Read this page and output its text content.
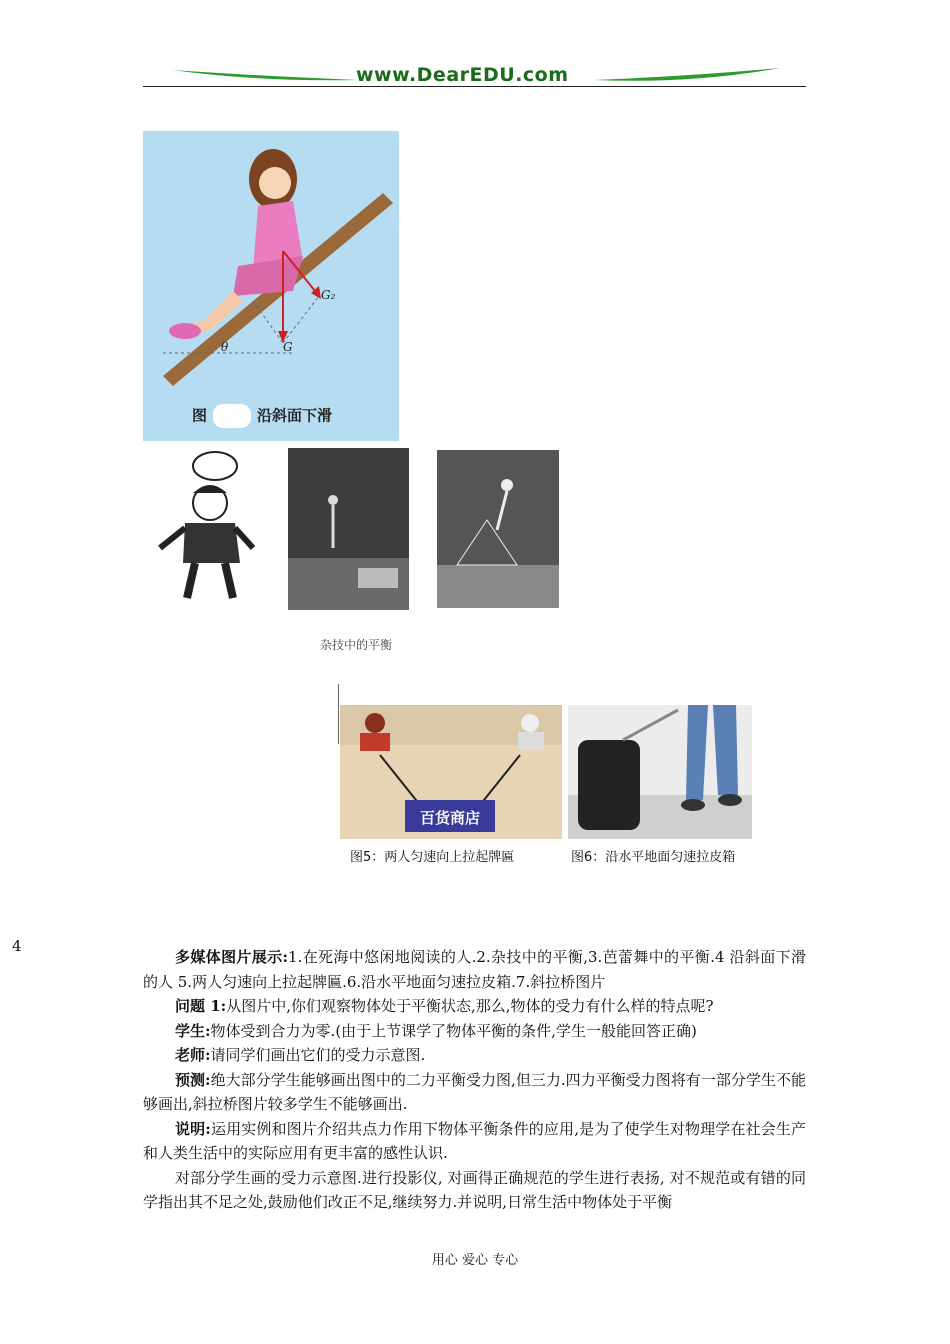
www.DearEDU.com
G
G₂
θ
图	沿斜面下滑
杂技中的平衡
百货商店
图5：两人匀速向上拉起牌匾	图6：沿水平地面匀速拉皮箱
4

多媒体图片展示:1.在死海中悠闲地阅读的人.2.杂技中的平衡,3.芭蕾舞中的平衡.4 沿斜面下滑的人 5.两人匀速向上拉起牌匾.6.沿水平地面匀速拉皮箱.7.斜拉桥图片

问题 1:从图片中,你们观察物体处于平衡状态,那么,物体的受力有什么样的特点呢?

学生:物体受到合力为零.(由于上节课学了物体平衡的条件,学生一般能回答正确)

老师:请同学们画出它们的受力示意图.

预测:绝大部分学生能够画出图中的二力平衡受力图,但三力.四力平衡受力图将有一部分学生不能够画出,斜拉桥图片较多学生不能够画出.

说明:运用实例和图片介绍共点力作用下物体平衡条件的应用,是为了使学生对物理学在社会生产和人类生活中的实际应用有更丰富的感性认识.

对部分学生画的受力示意图.进行投影仪, 对画得正确规范的学生进行表扬, 对不规范或有错的同学指出其不足之处,鼓励他们改正不足,继续努力.并说明,日常生活中物体处于平衡

用心 爱心 专心
